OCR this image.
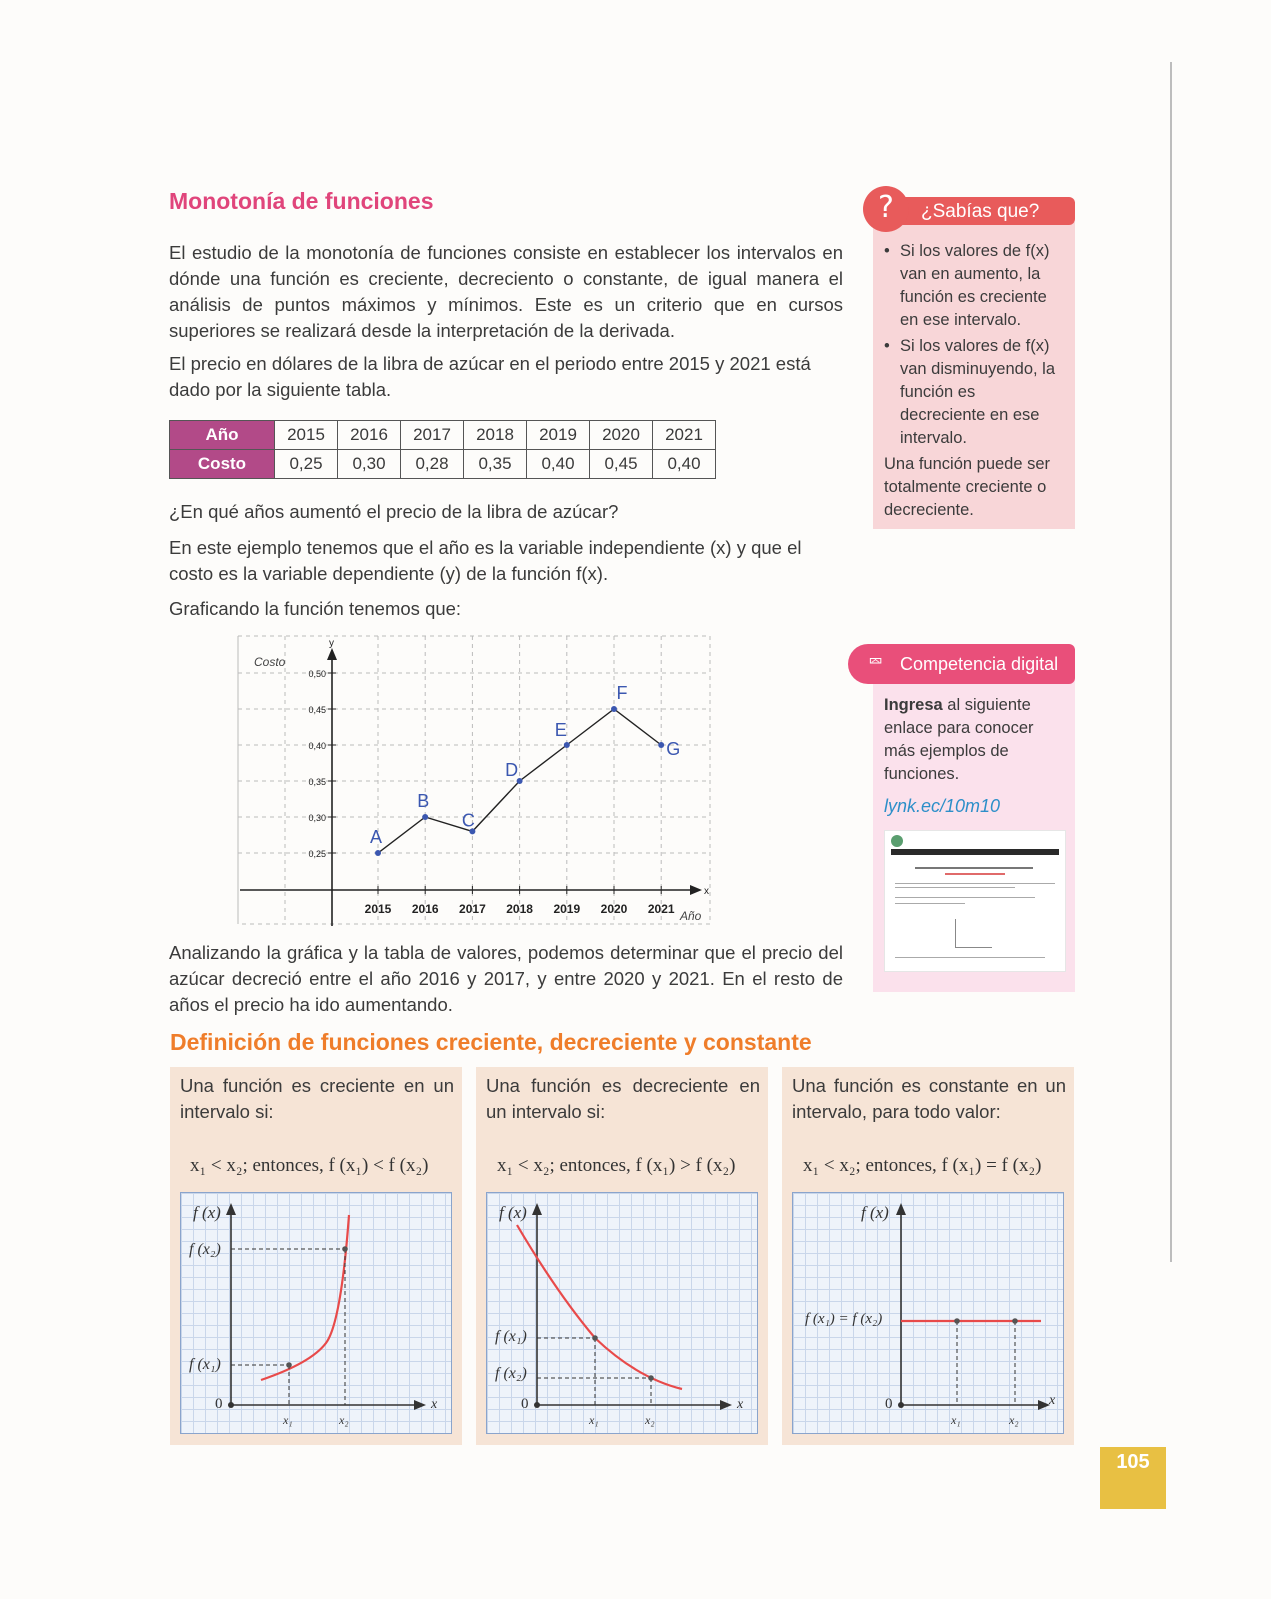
Monotonía de funciones
El estudio de la monotonía de funciones consiste en establecer los intervalos en dónde una función es creciente, decreciento o constante, de igual manera el análisis de puntos máximos y mínimos. Este es un criterio que en cursos superiores se realizará desde la interpretación de la derivada.
El precio en dólares de la libra de azúcar en el periodo entre 2015 y 2021 está dado por la siguiente tabla.
Año	2015	2016	2017	2018	2019	2020	2021
Costo	0,25	0,30	0,28	0,35	0,40	0,45	0,40
¿En qué años aumentó el precio de la libra de azúcar?
En este ejemplo tenemos que el año es la variable independiente (x) y que el costo es la variable dependiente (y) de la función f(x).
Graficando la función tenemos que:
y
x
Costo
Año
0,50
0,45
0,40
0,35
0,30
0,25
2015 2016 2017 2018 2019 2020 2021
A
B
C
D
E
F
G
Analizando la gráfica y la tabla de valores, podemos determinar que el precio del azúcar decreció entre el año 2016 y 2017, y entre 2020 y 2021. En el resto de años el precio ha ido aumentando.
¿Sabías que?
?
• Si los valores de f(x) van en aumento, la función es creciente en ese intervalo.
• Si los valores de f(x) van disminuyendo, la función es decreciente en ese intervalo.
Una función puede ser totalmente creciente o decreciente.
⮹ Competencia digital
Ingresa al siguiente enlace para conocer más ejemplos de funciones.
lynk.ec/10m10
Definición de funciones creciente, decreciente y constante
Una función es creciente en un intervalo si:
Una función es decreciente en un intervalo si:
Una función es constante en un intervalo, para todo valor:
x₁ < x₂; entonces, f (x₁) < f (x₂)	x₁ < x₂; entonces, f (x₁) > f (x₂)	x₁ < x₂; entonces, f (x₁) = f (x₂)
f (x)
f (x₂)
f (x₁)
0
x₁	x₂
x
f (x)
f (x₁)
f (x₂)
0
x₁	x₂
x
f (x)
f (x₁) = f (x₂)
0
x₁	x₂
x
105
